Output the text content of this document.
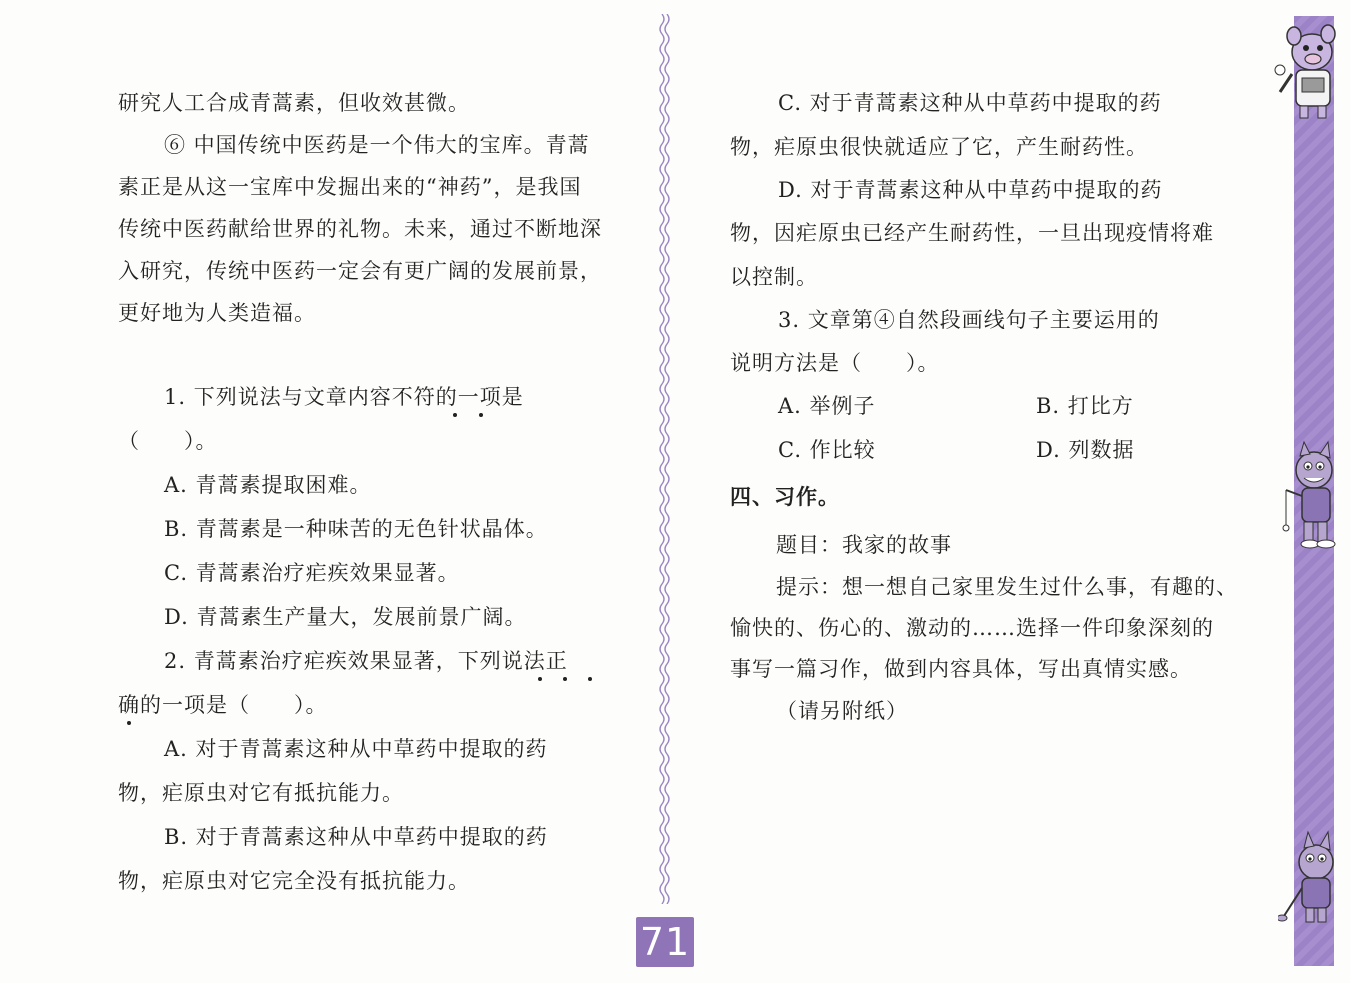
研究人工合成青蒿素，但收效甚微。
⑥ 中国传统中医药是一个伟大的宝库。青蒿
素正是从这一宝库中发掘出来的“神药”，是我国
传统中医药献给世界的礼物。未来，通过不断地深
入研究，传统中医药一定会有更广阔的发展前景，
更好地为人类造福。
1. 下列说法与文章内容不符的一项是
（　　）。
A. 青蒿素提取困难。
B. 青蒿素是一种味苦的无色针状晶体。
C. 青蒿素治疗疟疾效果显著。
D. 青蒿素生产量大，发展前景广阔。
2. 青蒿素治疗疟疾效果显著，下列说法正
确的一项是（　　）。
A. 对于青蒿素这种从中草药中提取的药
物，疟原虫对它有抵抗能力。
B. 对于青蒿素这种从中草药中提取的药
物，疟原虫对它完全没有抵抗能力。
C. 对于青蒿素这种从中草药中提取的药
物，疟原虫很快就适应了它，产生耐药性。
D. 对于青蒿素这种从中草药中提取的药
物，因疟原虫已经产生耐药性，一旦出现疫情将难
以控制。
3. 文章第④自然段画线句子主要运用的
说明方法是（　　）。
A. 举例子	B. 打比方
C. 作比较	D. 列数据
四、习作。
题目：我家的故事
提示：想一想自己家里发生过什么事，有趣的、
愉快的、伤心的、激动的……选择一件印象深刻的
事写一篇习作，做到内容具体，写出真情实感。
（请另附纸）
71
